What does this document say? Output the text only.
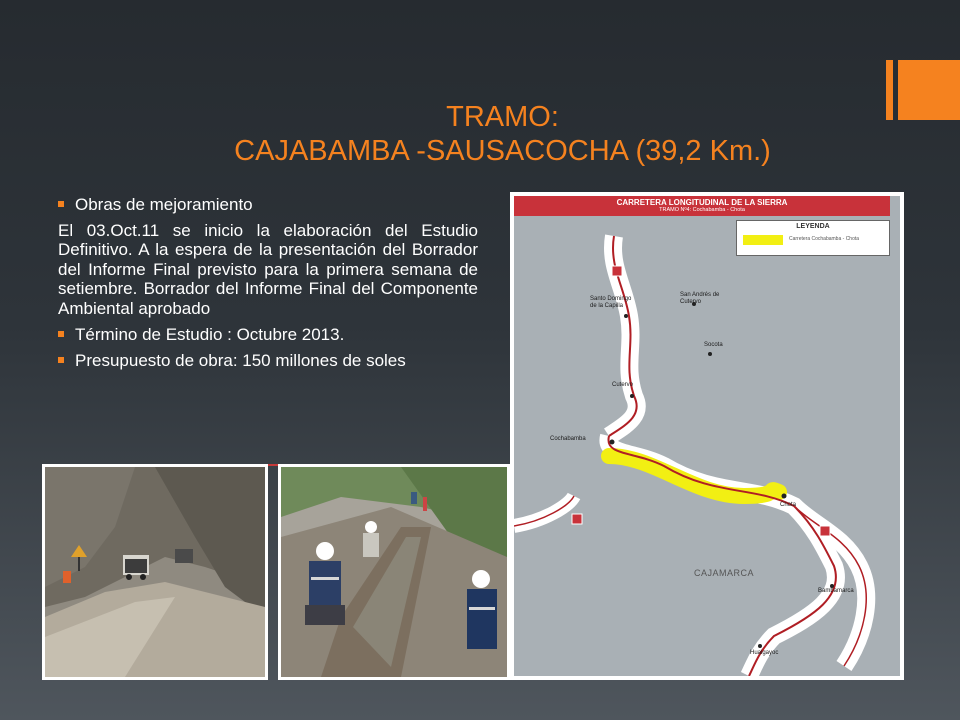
TRAMO:
CAJABAMBA -SAUSACOCHA (39,2 Km.)
Obras de mejoramiento
El 03.Oct.11 se inicio la elaboración del Estudio Definitivo. A la espera de la presentación del Borrador del Informe Final previsto para la primera semana de setiembre. Borrador del Informe Final del Componente Ambiental aprobado
Término de Estudio : Octubre 2013.
Presupuesto de obra: 150 millones de soles
CARRETERA LONGITUDINAL DE LA SIERRA
TRAMO Nº4: Cochabamba - Chota
LEYENDA
Carretera Cochabamba - Chota
Santo Domingo de la Capilla
San Andrés de Cutervo
Socota
Cutervo
Cochabamba
Chota
Bambamarca
Hualgayoc
CAJAMARCA
